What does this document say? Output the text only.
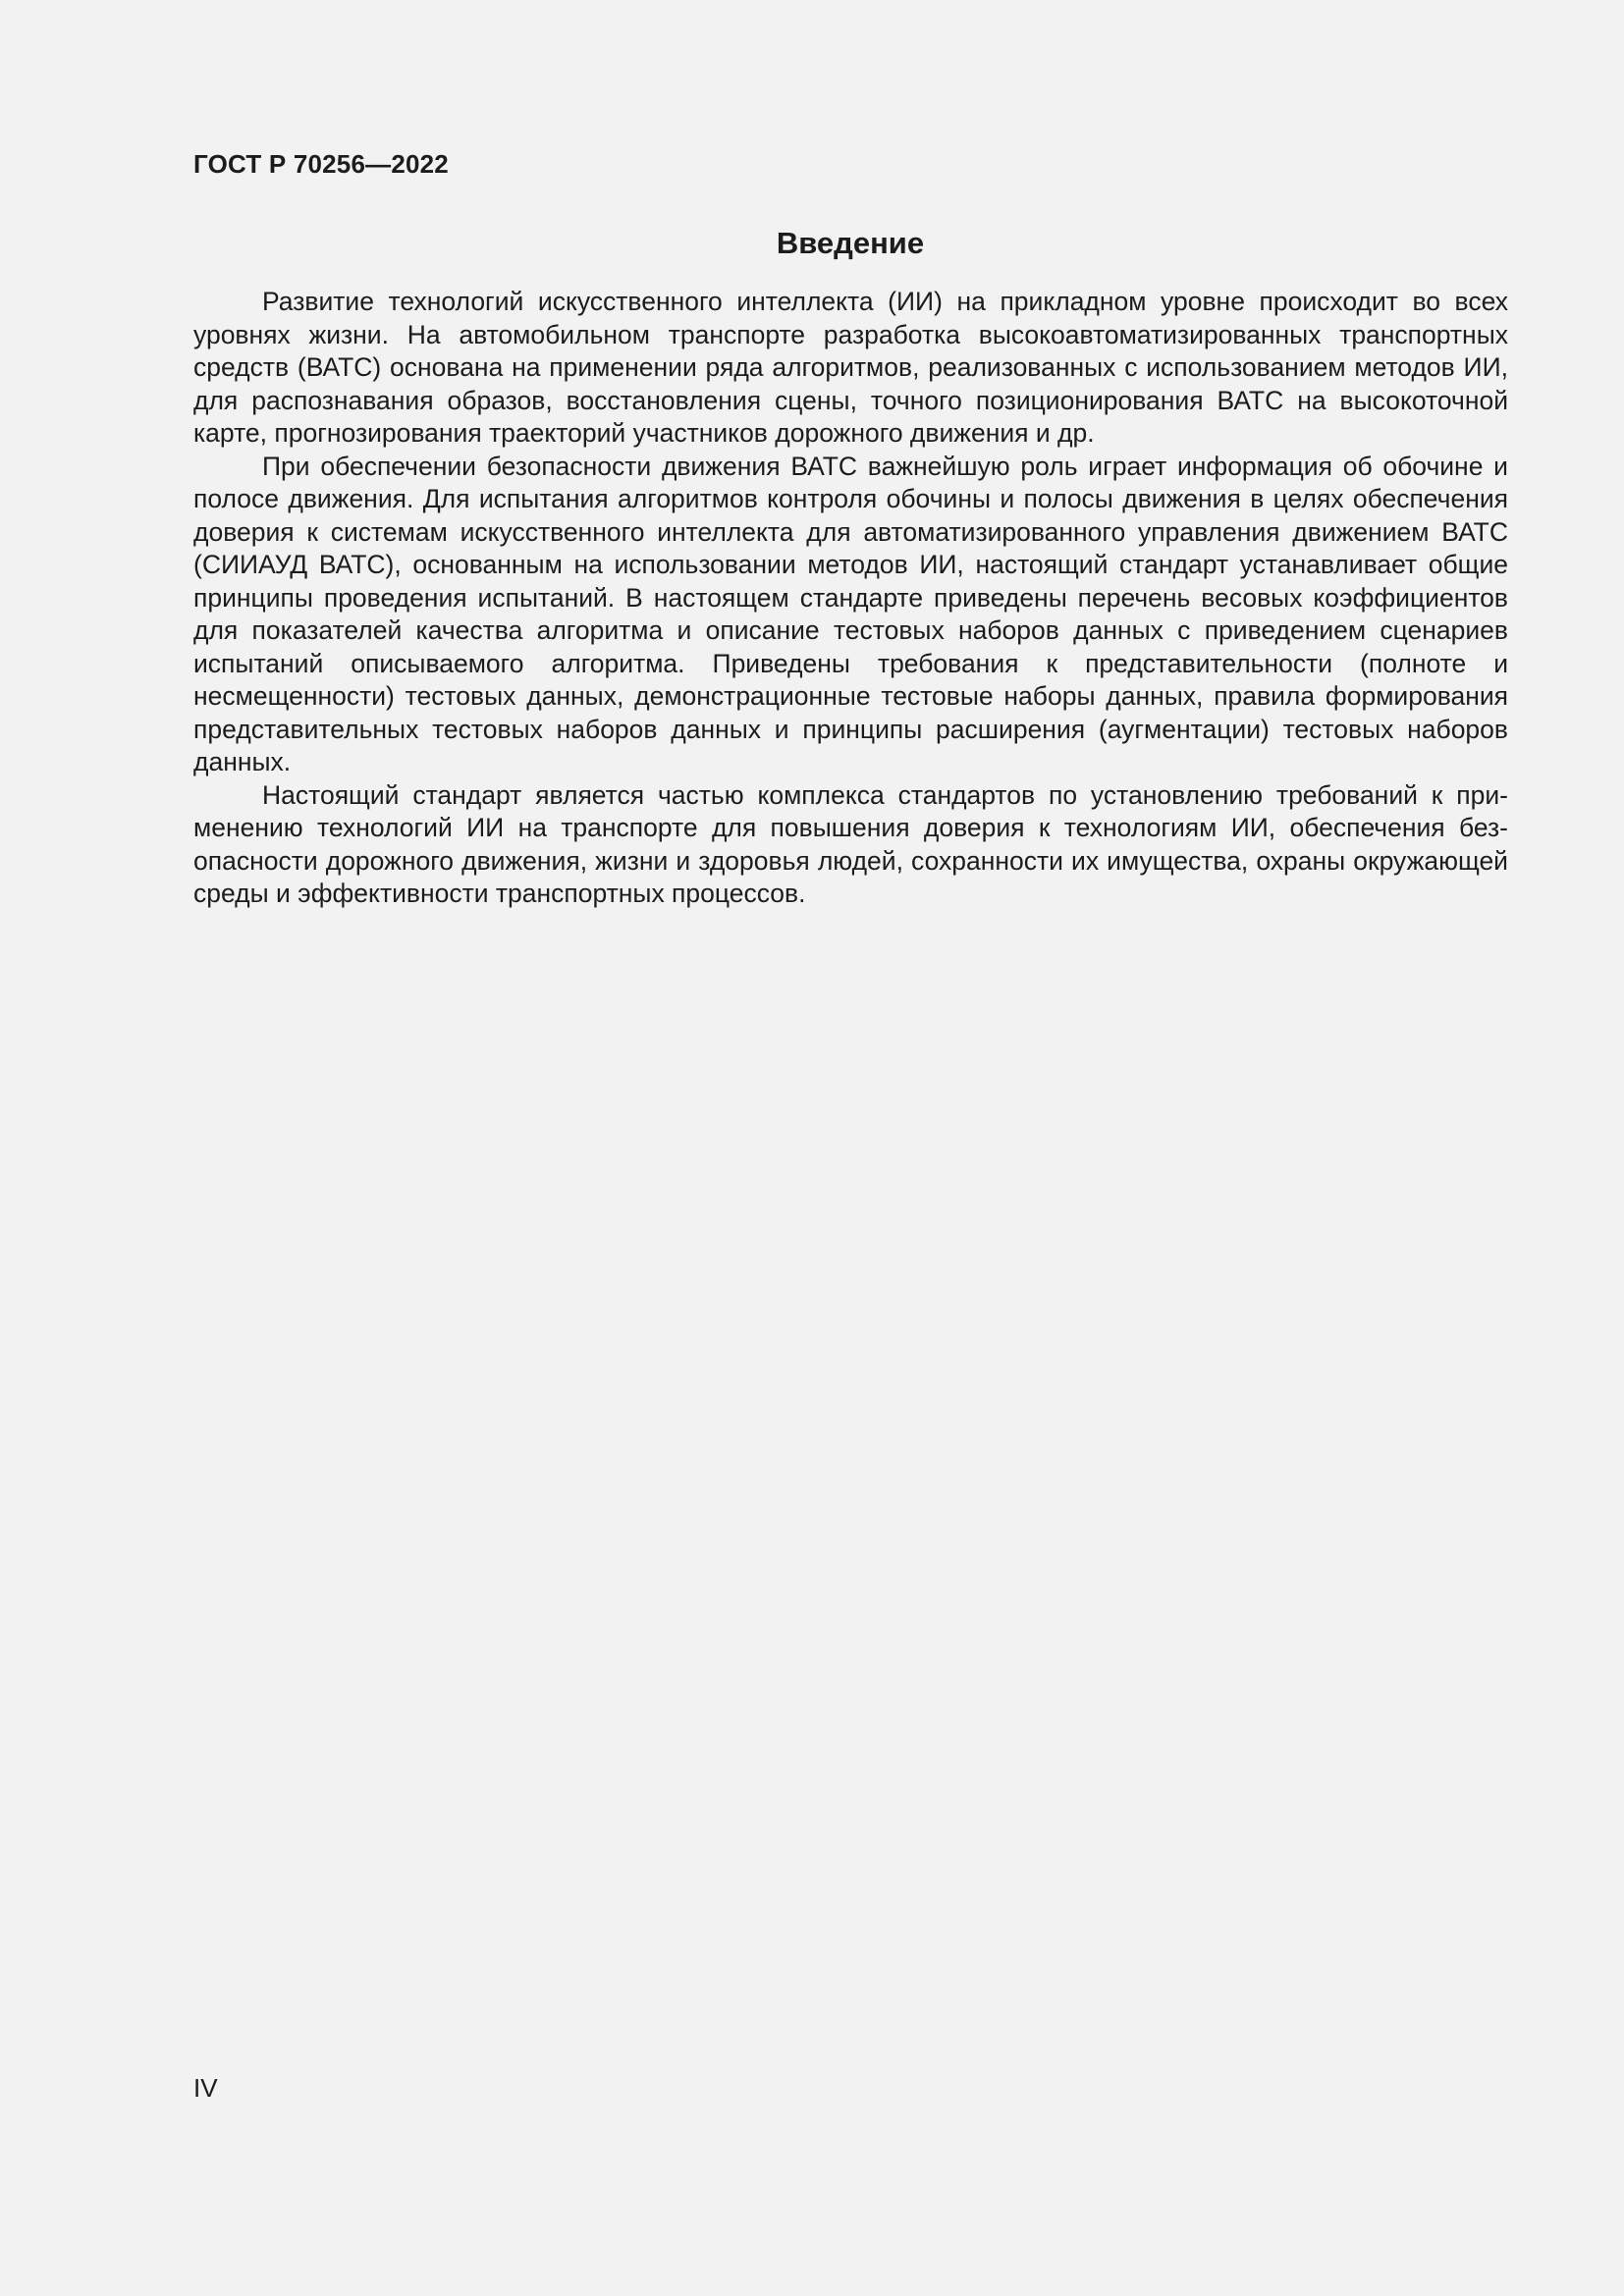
ГОСТ Р 70256—2022
Введение

Развитие технологий искусственного интеллекта (ИИ) на прикладном уровне происходит во всех уровнях жизни. На автомобильном транспорте разработка высокоавтоматизированных транспортных средств (ВАТС) основана на применении ряда алгоритмов, реализованных с использованием методов ИИ, для распознавания образов, восстановления сцены, точного позиционирования ВАТС на высокоточной карте, прогнозирования траекторий участников дорожного движения и др.

При обеспечении безопасности движения ВАТС важнейшую роль играет информация об обочине и полосе движения. Для испытания алгоритмов контроля обочины и полосы движения в целях обеспечения доверия к системам искусственного интеллекта для автоматизированного управления движением ВАТС (СИИАУД ВАТС), основанным на использовании методов ИИ, настоящий стандарт устанавливает общие принципы проведения испытаний. В настоящем стандарте приведены перечень весовых коэффициентов для показателей качества алгоритма и описание тестовых наборов данных с приведением сценариев испытаний описываемого алгоритма. Приведены требования к представительности (полноте и несмещенности) тестовых данных, демонстрационные тестовые наборы данных, правила формирования представительных тестовых наборов данных и принципы расширения (аугментации) тестовых наборов данных.

Настоящий стандарт является частью комплекса стандартов по установлению требований к применению технологий ИИ на транспорте для повышения доверия к технологиям ИИ, обеспечения безопасности дорожного движения, жизни и здоровья людей, сохранности их имущества, охраны окружающей среды и эффективности транспортных процессов.

IV
